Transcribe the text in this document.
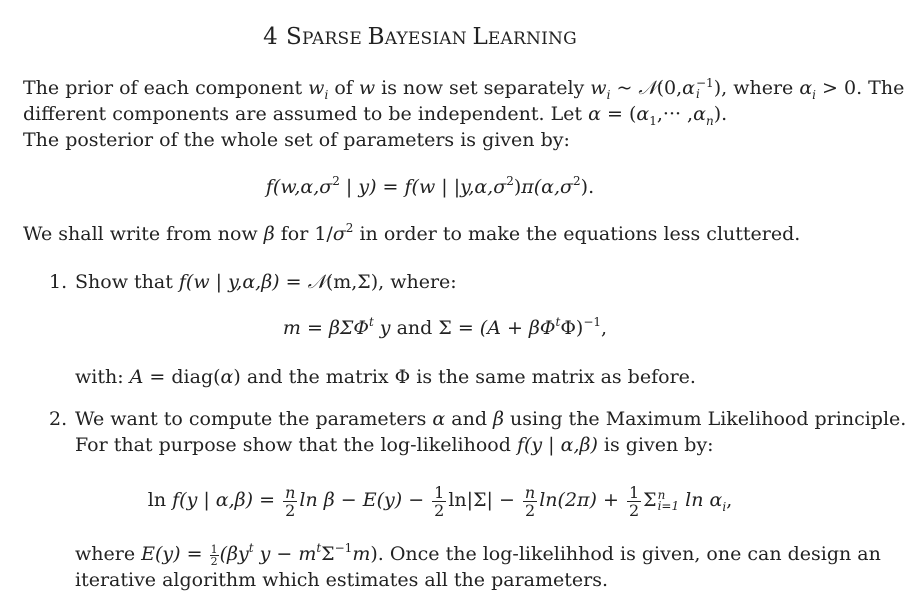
4 SPARSE BAYESIAN LEARNING
The prior of each component $w_i$ of w is now set separately $w_i$ ~ 𝒩(0,α −1
i ), where $\alpha_i > 0$. The
different components are assumed to be independent. Let $\alpha = (\alpha_1,\cdot\cdot\cdot ,\alpha_n)$.
The posterior of the whole set of parameters is given by:
$f(w,\alpha,\sigma^2$ | y) = f(w | $|y,\alpha,\sigma^2)\pi(\alpha,\sigma^2)$.
We shall write from now β for $1/\sigma^2$ in order to make the equations less cluttered.
1. Show that f(w | y,α,β) = 𝒩(m,Σ), where:
m = βΣΦ$^t$ y and $\Sigma = (A + \beta\Phi^t\Phi)^{-1}$,
with: A = diag(α) and the matrix Φ is the same matrix as before.
2. We want to compute the parameters α and β using the Maximum Likelihood principle.
For that purpose show that the log-likelihood f(y | α,β) is given by:
ln f(y | $\alpha,\beta) = \frac{n}{2}$ $\ln \beta - E(y) - \frac{1}{2} \ln|\Sigma| - \frac{n}{2} \ln(2\pi) + \frac{1}{2}$ Σ n
i=1 $\ln \alpha_i$,
where $E(y) = \frac{1}{2} (\beta y^t$ $y - m^t\Sigma^{-1}m$). Once the log-likelihhod is given, one can design an
iterative algorithm which estimates all the parameters.
